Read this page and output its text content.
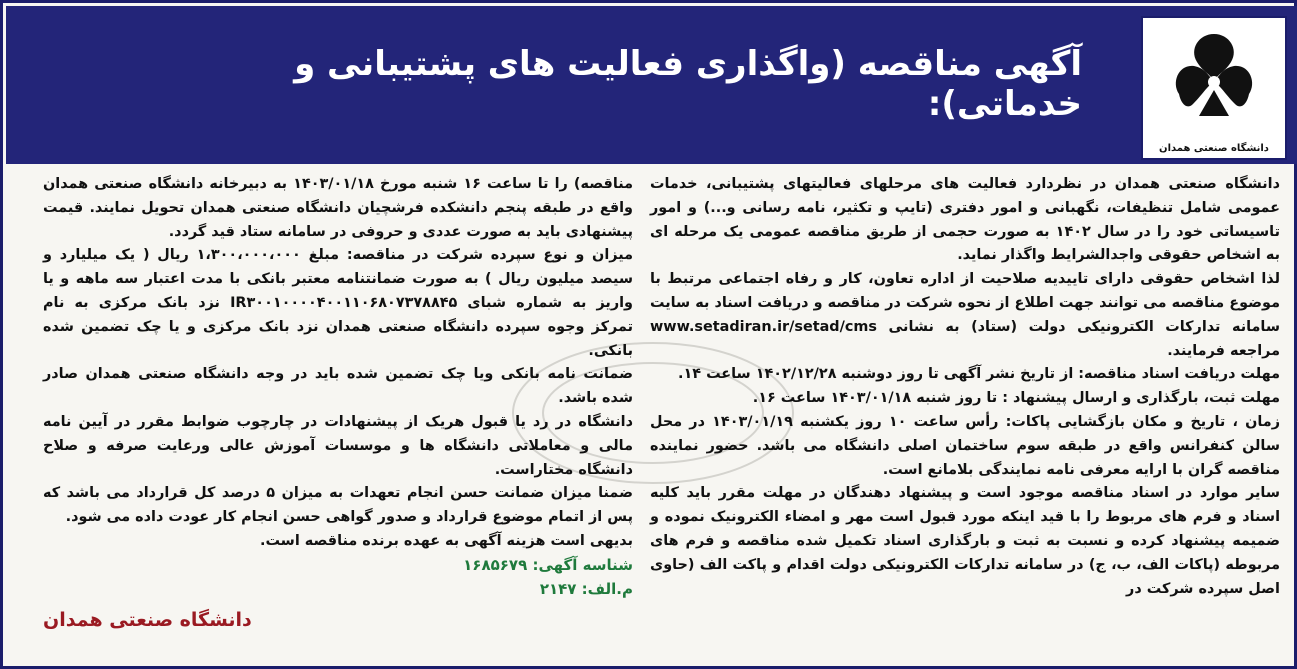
آگهی مناقصه (واگذاری فعالیت های پشتیبانی و خدماتی):
دانشگاه صنعتی همدان

دانشگاه صنعتی همدان در نظردارد فعالیت های مرحلهای فعالیتهای پشتیبانی، خدمات عمومی شامل تنظیفات، نگهبانی و امور دفتری (تایپ و تکثیر، نامه رسانی و...) و امور تاسیساتی خود را در سال ۱۴۰۲ به صورت حجمی از طریق مناقصه عمومی یک مرحله ای به اشخاص حقوقی واجدالشرایط واگذار نماید.

لذا اشخاص حقوقی دارای تاییدیه صلاحیت از اداره تعاون، کار و رفاه اجتماعی مرتبط با موضوع مناقصه می توانند جهت اطلاع از نحوه شرکت در مناقصه و دریافت اسناد به سایت سامانه تدارکات الکترونیکی دولت (ستاد) به نشانی www.setadiran.ir/setad/cms مراجعه فرمایند.

مهلت دریافت اسناد مناقصه: از تاریخ نشر آگهی تا روز دوشنبه ۱۴۰۲/۱۲/۲۸ ساعت ۱۴.

مهلت ثبت، بارگذاری و ارسال پیشنهاد : تا روز شنبه ۱۴۰۳/۰۱/۱۸ ساعت ۱۶.

زمان ، تاریخ و مکان بازگشایی پاکات: رأس ساعت ۱۰ روز یکشنبه ۱۴۰۳/۰۱/۱۹ در محل سالن کنفرانس واقع در طبقه سوم ساختمان اصلی دانشگاه می باشد. حضور نماینده مناقصه گران با ارایه معرفی نامه نمایندگی بلامانع است.

سایر موارد در اسناد مناقصه موجود است و پیشنهاد دهندگان در مهلت مقرر باید کلیه اسناد و فرم های مربوط را با قید اینکه مورد قبول است مهر و امضاء الکترونیک نموده و ضمیمه پیشنهاد کرده و نسبت به ثبت و بارگذاری اسناد تکمیل شده مناقصه و فرم های مربوطه (پاکات الف، ب، ج) در سامانه تدارکات الکترونیکی دولت اقدام و پاکت الف (حاوی اصل سپرده شرکت در

مناقصه) را تا ساعت ۱۶ شنبه مورخ ۱۴۰۳/۰۱/۱۸ به دبیرخانه دانشگاه صنعتی همدان واقع در طبقه پنجم دانشکده فرشچیان دانشگاه صنعتی همدان تحویل نمایند. قیمت پیشنهادی باید به صورت عددی و حروفی در سامانه ستاد قید گردد.

میزان و نوع سپرده شرکت در مناقصه: مبلغ ۱،۳۰۰،۰۰۰،۰۰۰ ریال ( یک میلیارد و سیصد میلیون ریال ) به صورت ضمانتنامه معتبر بانکی با مدت اعتبار سه ماهه و یا واریز به شماره شبای IR۳۰۰۱۰۰۰۰۴۰۰۱۱۰۶۸۰۷۳۷۸۸۴۵ نزد بانک مرکزی به نام تمرکز وجوه سپرده دانشگاه صنعتی همدان نزد بانک مرکزی و یا چک تضمین شده بانکی.

ضمانت نامه بانکی ویا چک تضمین شده باید در وجه دانشگاه صنعتی همدان صادر شده باشد.

دانشگاه در رد یا قبول هریک از پیشنهادات در چارچوب ضوابط مقرر در آیین نامه مالی و معاملاتی دانشگاه ها و موسسات آموزش عالی ورعایت صرفه و صلاح دانشگاه مختاراست.

ضمنا میزان ضمانت حسن انجام تعهدات به میزان ۵ درصد کل قرارداد می باشد که پس از اتمام موضوع قرارداد و صدور گواهی حسن انجام کار عودت داده می شود.

بدیهی است هزینه آگهی به عهده برنده مناقصه است.

شناسه آگهی: ۱۶۸۵۶۷۹

م.الف: ۲۱۴۷

دانشگاه صنعتی همدان
